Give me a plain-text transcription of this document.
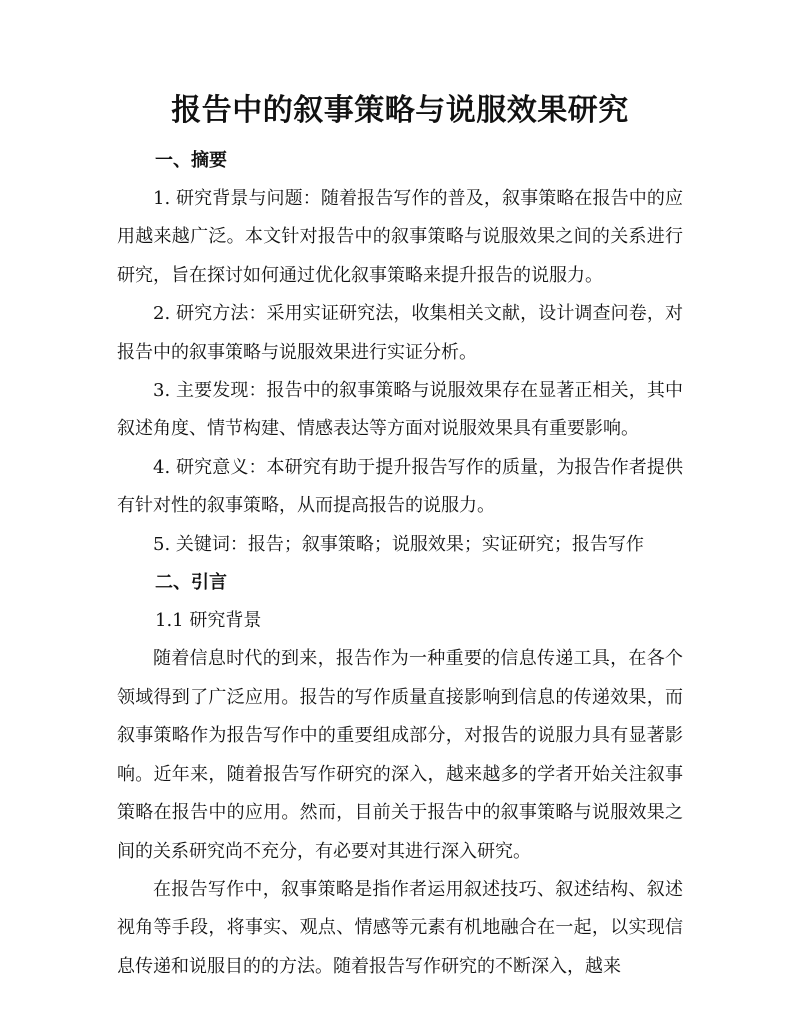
报告中的叙事策略与说服效果研究
一、摘要

1. 研究背景与问题：随着报告写作的普及，叙事策略在报告中的应用越来越广泛。本文针对报告中的叙事策略与说服效果之间的关系进行研究，旨在探讨如何通过优化叙事策略来提升报告的说服力。

2. 研究方法：采用实证研究法，收集相关文献，设计调查问卷，对报告中的叙事策略与说服效果进行实证分析。

3. 主要发现：报告中的叙事策略与说服效果存在显著正相关，其中叙述角度、情节构建、情感表达等方面对说服效果具有重要影响。

4. 研究意义：本研究有助于提升报告写作的质量，为报告作者提供有针对性的叙事策略，从而提高报告的说服力。

5. 关键词：报告；叙事策略；说服效果；实证研究；报告写作

二、引言

1.1 研究背景

随着信息时代的到来，报告作为一种重要的信息传递工具，在各个领域得到了广泛应用。报告的写作质量直接影响到信息的传递效果，而叙事策略作为报告写作中的重要组成部分，对报告的说服力具有显著影响。近年来，随着报告写作研究的深入，越来越多的学者开始关注叙事策略在报告中的应用。然而，目前关于报告中的叙事策略与说服效果之间的关系研究尚不充分，有必要对其进行深入研究。

在报告写作中，叙事策略是指作者运用叙述技巧、叙述结构、叙述视角等手段，将事实、观点、情感等元素有机地融合在一起，以实现信息传递和说服目的的方法。随着报告写作研究的不断深入，越来
